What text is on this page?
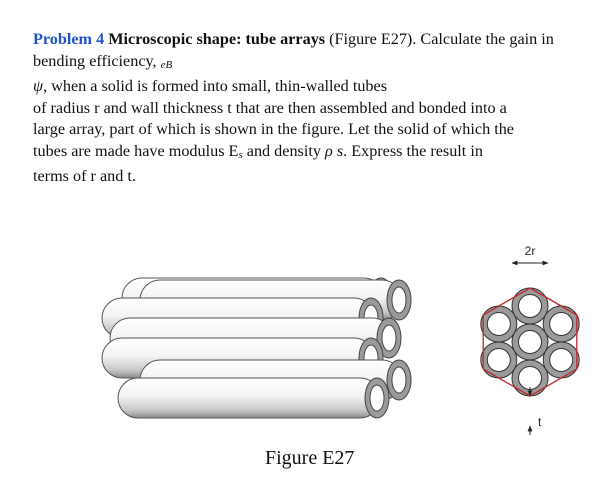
Problem 4 Microscopic shape: tube arrays (Figure E27). Calculate the gain in
bending efficiency, eB
ψ, when a solid is formed into small, thin-walled tubes
of radius r and wall thickness t that are then assembled and bonded into a
large array, part of which is shown in the figure. Let the solid of which the
tubes are made have modulus Es and density ρ s. Express the result in
terms of r and t.
2r
t
Figure E27
